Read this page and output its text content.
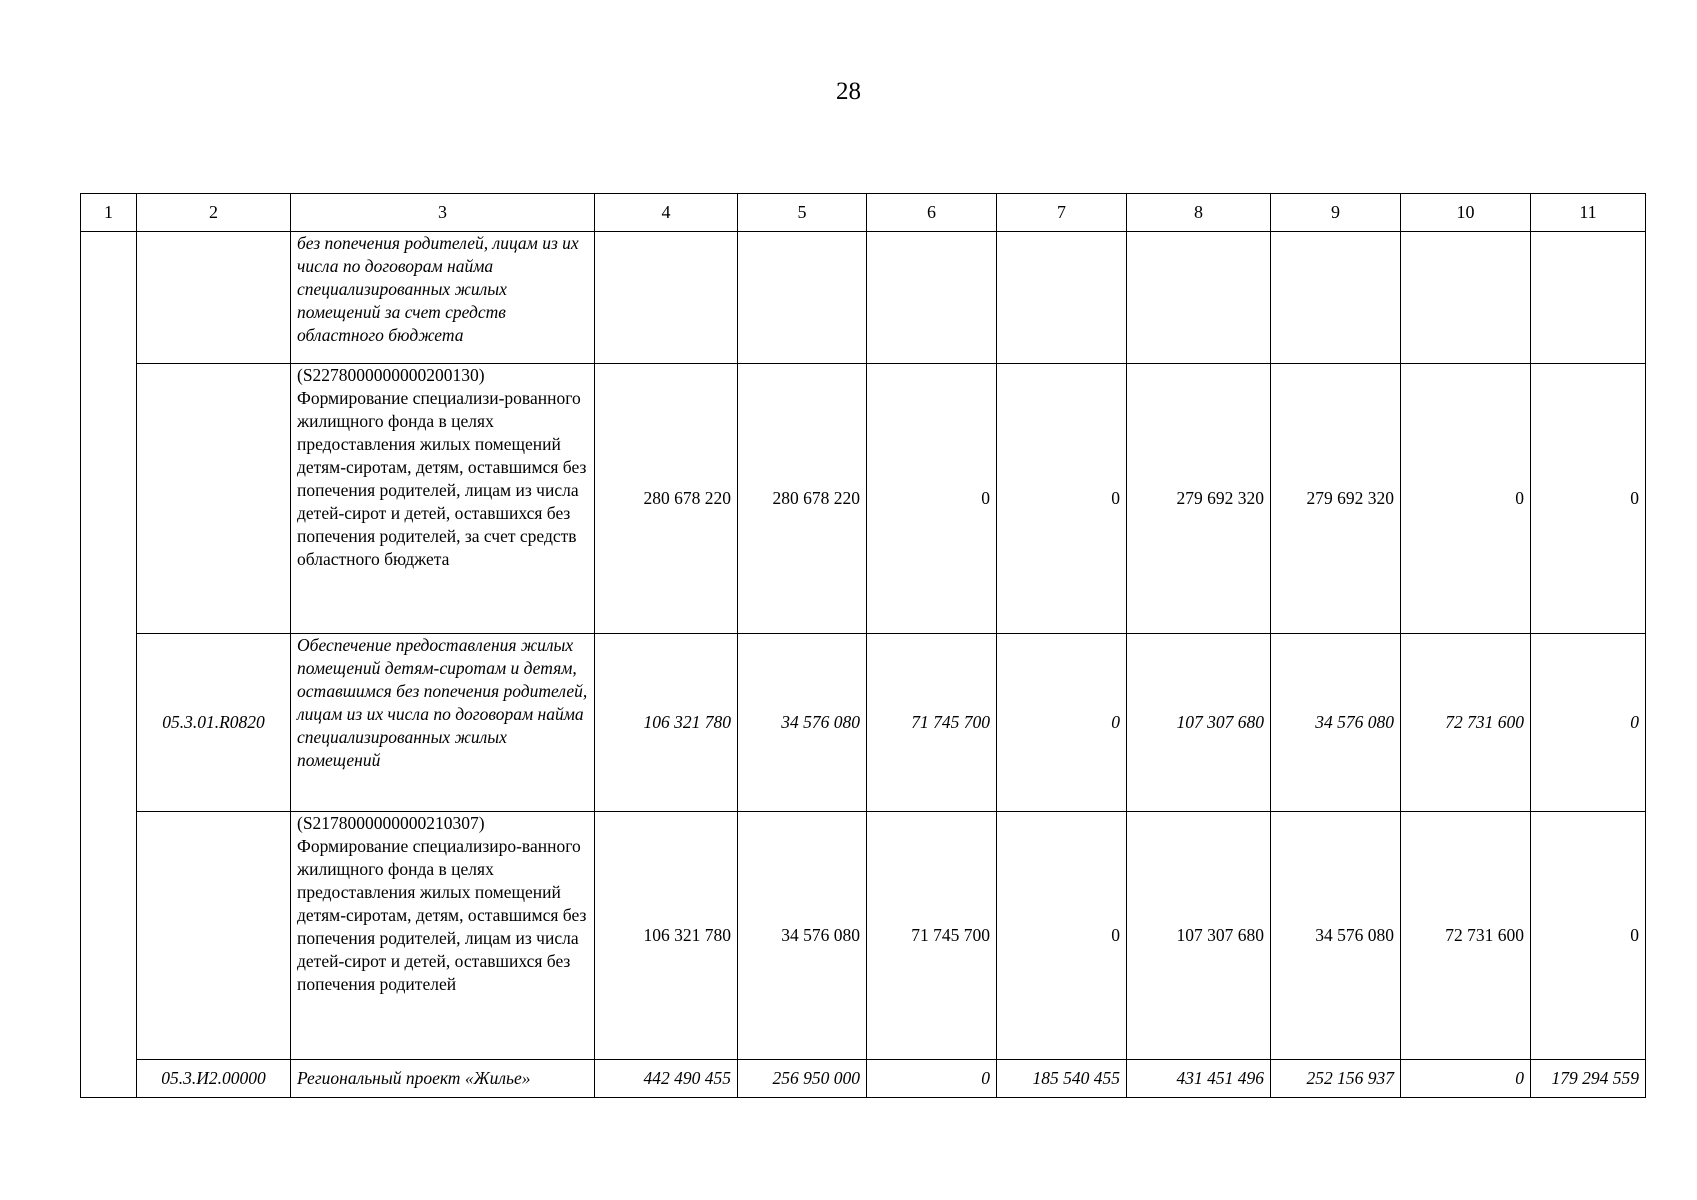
28
1	2	3	4	5	6	7	8	9	10	11
		без попечения родителей, лицам из их числа по договорам найма специализированных жилых помещений за счет средств областного бюджета								
		(S2278000000000200130) Формирование специализи-рованного жилищного фонда в целях предоставления жилых помещений детям-сиротам, детям, оставшимся без попечения родителей, лицам из числа детей-сирот и детей, оставшихся без попечения родителей, за счет средств областного бюджета	280 678 220	280 678 220	0	0	279 692 320	279 692 320	0	0
	05.3.01.R0820	Обеспечение предоставления жилых помещений детям-сиротам и детям, оставшимся без попечения родителей, лицам из их числа по договорам найма специализированных жилых помещений	106 321 780	34 576 080	71 745 700	0	107 307 680	34 576 080	72 731 600	0
		(S2178000000000210307) Формирование специализиро-ванного жилищного фонда в целях предоставления жилых помещений детям-сиротам, детям, оставшимся без попечения родителей, лицам из числа детей-сирот и детей, оставшихся без попечения родителей	106 321 780	34 576 080	71 745 700	0	107 307 680	34 576 080	72 731 600	0
	05.3.И2.00000	Региональный проект «Жилье»	442 490 455	256 950 000	0	185 540 455	431 451 496	252 156 937	0	179 294 559
